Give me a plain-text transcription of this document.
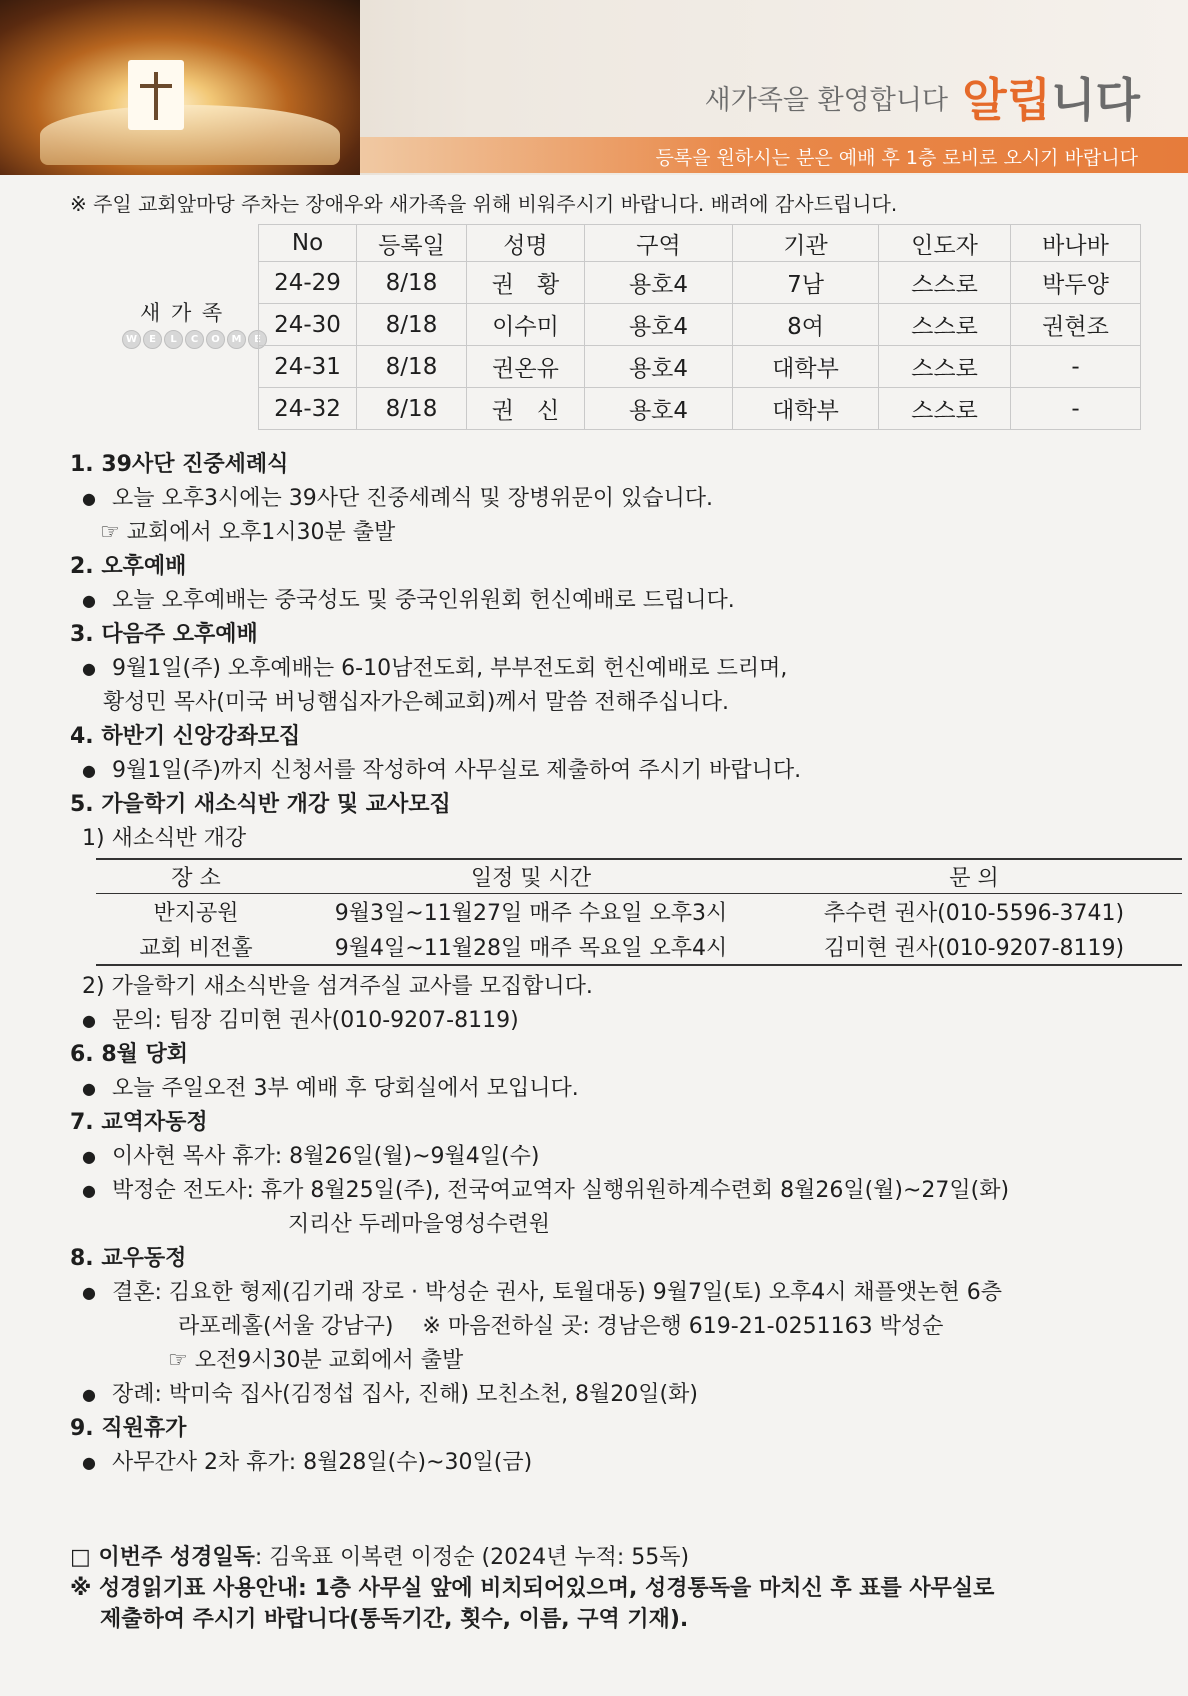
새가족을 환영합니다 알립니다
등록을 원하시는 분은 예배 후 1층 로비로 오시기 바랍니다
※ 주일 교회앞마당 주차는 장애우와 새가족을 위해 비워주시기 바랍니다. 배려에 감사드립니다.
새 가 족
W	E	L	C	O	M	E
No	등록일	성명	구역	기관	인도자	바나바
24-29	8/18	권　황	용호4	7남	스스로	박두양
24-30	8/18	이수미	용호4	8여	스스로	권현조
24-31	8/18	권온유	용호4	대학부	스스로	-
24-32	8/18	권　신	용호4	대학부	스스로	-
1. 39사단 진중세례식
● 오늘 오후3시에는 39사단 진중세례식 및 장병위문이 있습니다.
☞ 교회에서 오후1시30분 출발
2. 오후예배
● 오늘 오후예배는 중국성도 및 중국인위원회 헌신예배로 드립니다.
3. 다음주 오후예배
● 9월1일(주) 오후예배는 6-10남전도회, 부부전도회 헌신예배로 드리며,
황성민 목사(미국 버닝햄십자가은혜교회)께서 말씀 전해주십니다.
4. 하반기 신앙강좌모집
● 9월1일(주)까지 신청서를 작성하여 사무실로 제출하여 주시기 바랍니다.
5. 가을학기 새소식반 개강 및 교사모집
1) 새소식반 개강
장 소	일정 및 시간	문 의
반지공원	9월3일~11월27일 매주 수요일 오후3시	추수련 권사(010-5596-3741)
교회 비전홀	9월4일~11월28일 매주 목요일 오후4시	김미현 권사(010-9207-8119)
2) 가을학기 새소식반을 섬겨주실 교사를 모집합니다.
● 문의: 팀장 김미현 권사(010-9207-8119)
6. 8월 당회
● 오늘 주일오전 3부 예배 후 당회실에서 모입니다.
7. 교역자동정
● 이사현 목사 휴가: 8월26일(월)~9월4일(수)
● 박정순 전도사: 휴가 8월25일(주), 전국여교역자 실행위원하계수련회 8월26일(월)~27일(화)
지리산 두레마을영성수련원
8. 교우동정
● 결혼: 김요한 형제(김기래 장로 · 박성순 권사, 토월대동) 9월7일(토) 오후4시 채플앳논현 6층
라포레홀(서울 강남구)　 ※ 마음전하실 곳: 경남은행 619-21-0251163 박성순
☞ 오전9시30분 교회에서 출발
● 장례: 박미숙 집사(김정섭 집사, 진해) 모친소천, 8월20일(화)
9. 직원휴가
● 사무간사 2차 휴가: 8월28일(수)~30일(금)
□ 이번주 성경일독: 김욱표 이복련 이정순 (2024년 누적: 55독)
※ 성경읽기표 사용안내: 1층 사무실 앞에 비치되어있으며, 성경통독을 마치신 후 표를 사무실로
제출하여 주시기 바랍니다(통독기간, 횟수, 이름, 구역 기재).
